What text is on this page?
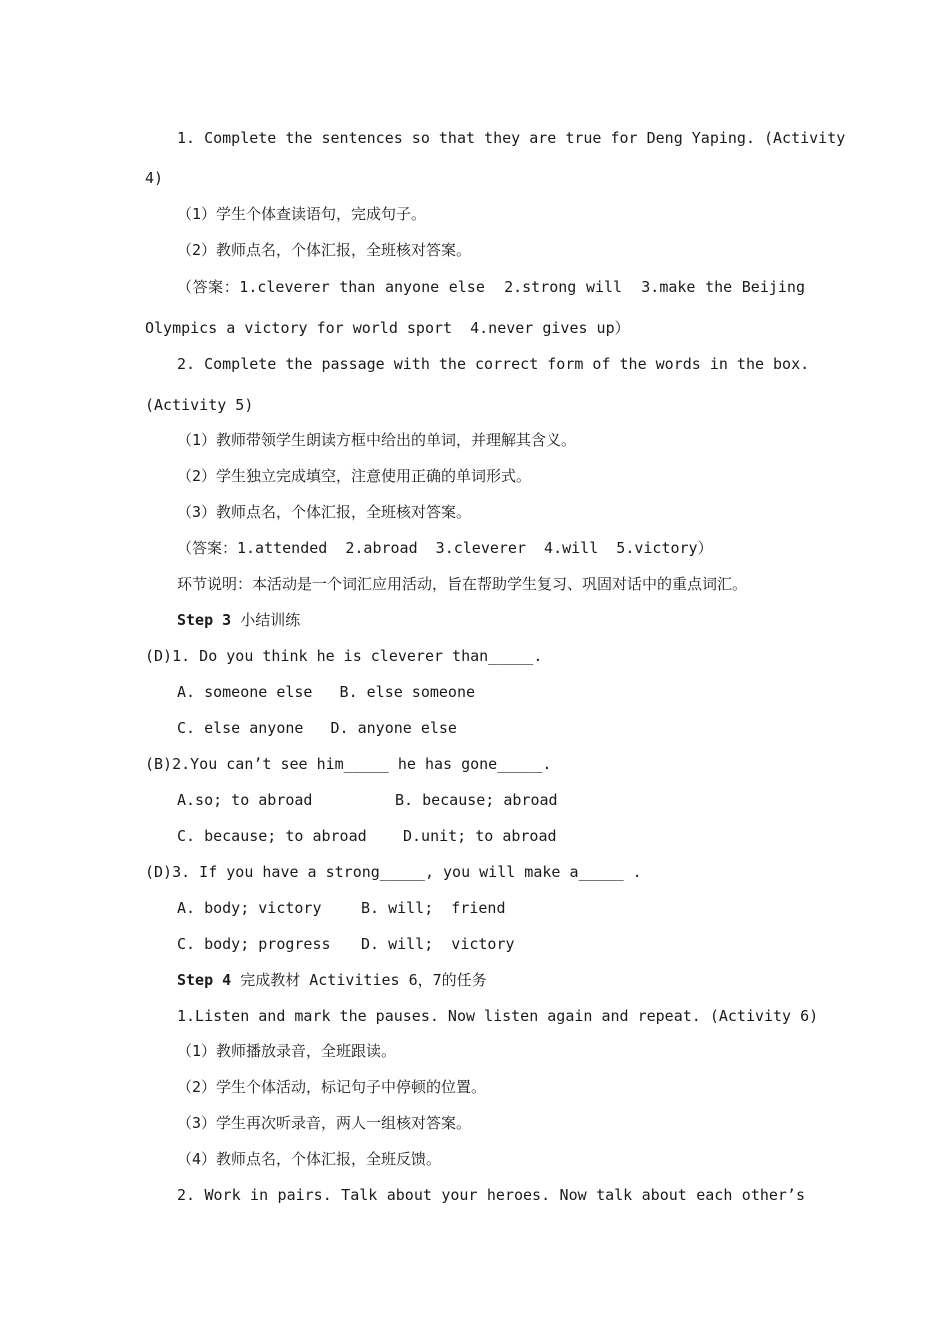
1. Complete the sentences so that they are true for Deng Yaping. (Activity
4)
（1）学生个体查读语句，完成句子。
（2）教师点名，个体汇报，全班核对答案。
（答案：1.cleverer than anyone else  2.strong will  3.make the Beijing
Olympics a victory for world sport  4.never gives up）
2. Complete the passage with the correct form of the words in the box.
(Activity 5)
（1）教师带领学生朗读方框中给出的单词，并理解其含义。
（2）学生独立完成填空，注意使用正确的单词形式。
（3）教师点名，个体汇报，全班核对答案。
（答案：1.attended  2.abroad  3.cleverer  4.will  5.victory）
环节说明：本活动是一个词汇应用活动，旨在帮助学生复习、巩固对话中的重点词汇。
Step 3 小结训练
(D)1. Do you think he is cleverer than_____.
A. someone else   B. else someone
C. else anyone   D. anyone else
(B)2.You can’t see him_____ he has gone_____.
A.so; to abroad	B. because; abroad
C. because; to abroad D.unit; to abroad
(D)3. If you have a strong_____, you will make a_____ .
A. body; victory	B. will;  friend
C. body; progress D. will;  victory
Step 4 完成教材 Activities 6，7的任务
1.Listen and mark the pauses. Now listen again and repeat. (Activity 6)
（1）教师播放录音，全班跟读。
（2）学生个体活动，标记句子中停顿的位置。
（3）学生再次听录音，两人一组核对答案。
（4）教师点名，个体汇报，全班反馈。
2. Work in pairs. Talk about your heroes. Now talk about each other’s
